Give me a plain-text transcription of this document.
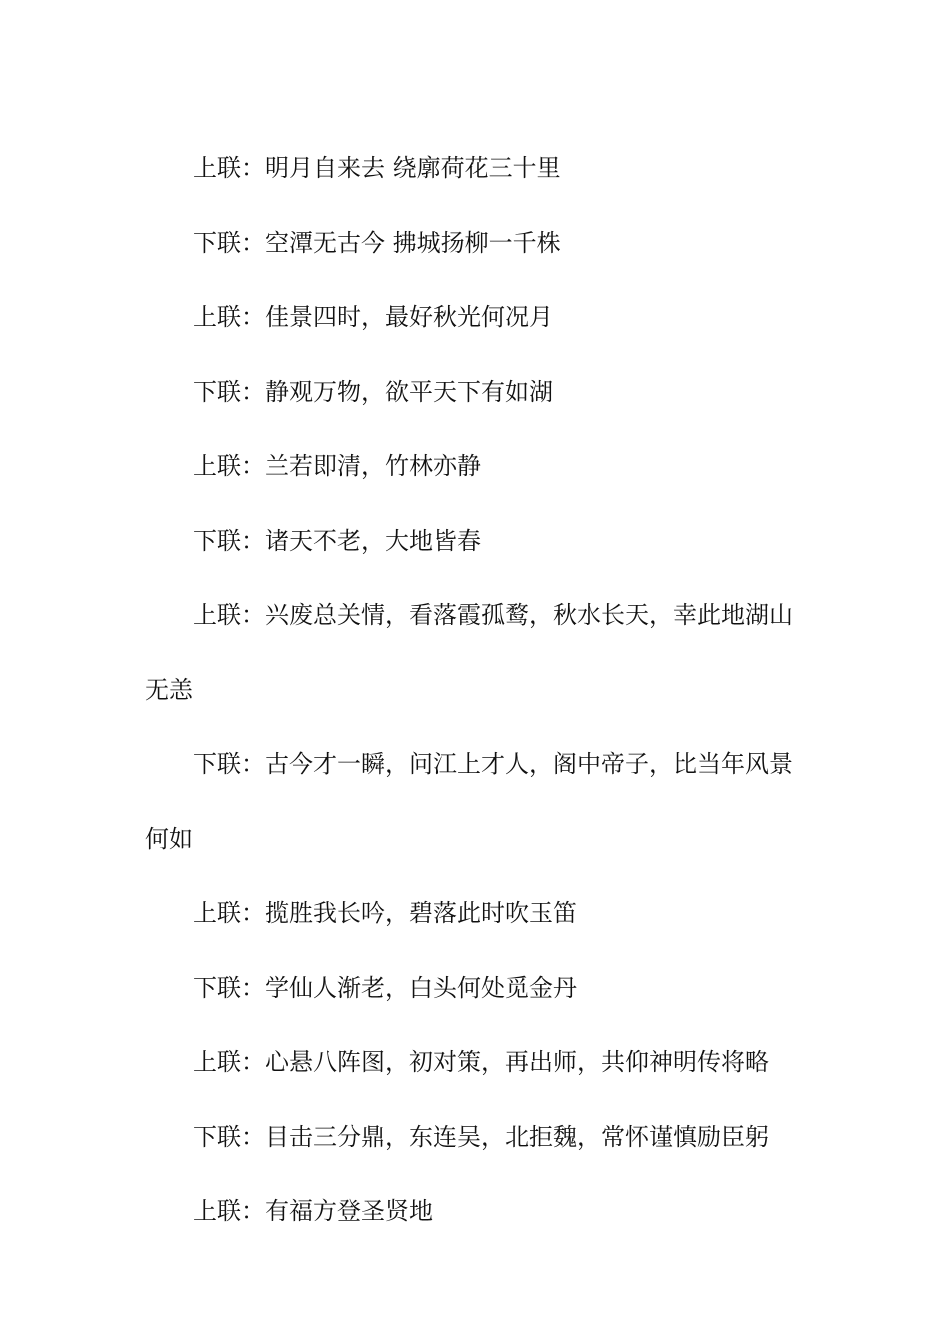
上联：明月自来去 绕廓荷花三十里

下联：空潭无古今 拂城扬柳一千株

上联：佳景四时，最好秋光何况月

下联：静观万物，欲平天下有如湖

上联：兰若即清，竹林亦静

下联：诸天不老，大地皆春

上联：兴废总关情，看落霞孤鹜，秋水长天，幸此地湖山无恙

下联：古今才一瞬，问江上才人，阁中帝子，比当年风景何如

上联：揽胜我长吟，碧落此时吹玉笛

下联：学仙人渐老，白头何处觅金丹

上联：心悬八阵图，初对策，再出师，共仰神明传将略

下联：目击三分鼎，东连吴，北拒魏，常怀谨慎励臣躬

上联：有福方登圣贤地
